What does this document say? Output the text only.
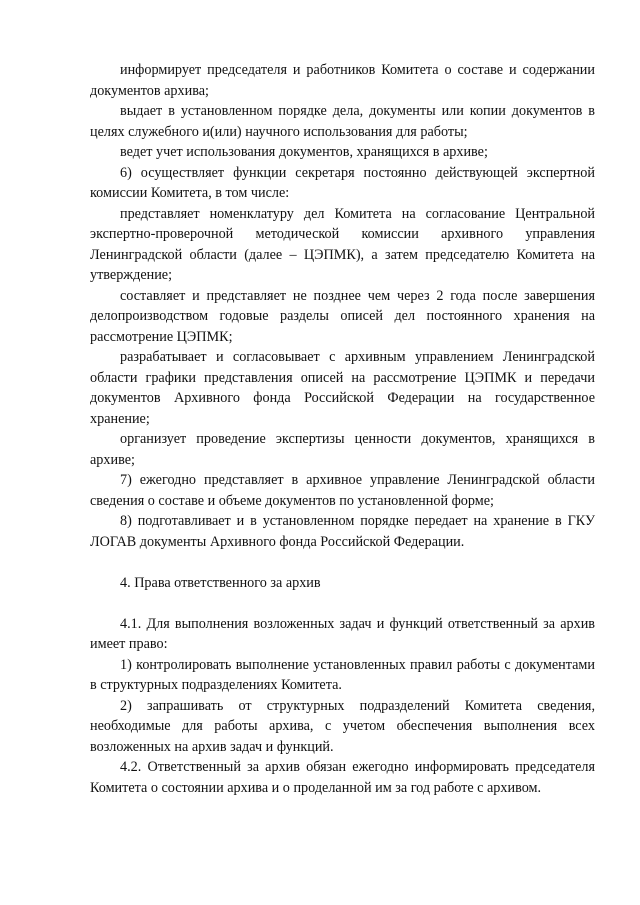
информирует председателя и работников Комитета о составе и содержании документов архива;

выдает в установленном порядке дела, документы или копии документов в целях служебного и(или) научного использования для работы;

ведет учет использования документов, хранящихся в архиве;

6) осуществляет функции секретаря постоянно действующей экспертной комиссии Комитета, в том числе:

представляет номенклатуру дел Комитета на согласование Центральной экспертно-проверочной методической комиссии архивного управления Ленинградской области (далее – ЦЭПМК), а затем председателю Комитета на утверждение;

составляет и представляет не позднее чем через 2 года после завершения делопроизводством годовые разделы описей дел постоянного хранения на рассмотрение ЦЭПМК;

разрабатывает и согласовывает с архивным управлением Ленинградской области графики представления описей на рассмотрение ЦЭПМК и передачи документов Архивного фонда Российской Федерации на государственное хранение;

организует проведение экспертизы ценности документов, хранящихся в архиве;

7) ежегодно представляет в архивное управление Ленинградской области сведения о составе и объеме документов по установленной форме;

8) подготавливает и в установленном порядке передает на хранение в ГКУ ЛОГАВ документы Архивного фонда Российской Федерации.

4. Права ответственного за архив

4.1. Для выполнения возложенных задач и функций ответственный за архив имеет право:

1) контролировать выполнение установленных правил работы с документами в структурных подразделениях Комитета.

2) запрашивать от структурных подразделений Комитета сведения, необходимые для работы архива, с учетом обеспечения выполнения всех возложенных на архив задач и функций.

4.2. Ответственный за архив обязан ежегодно информировать председателя Комитета о состоянии архива и о проделанной им за год работе с архивом.
